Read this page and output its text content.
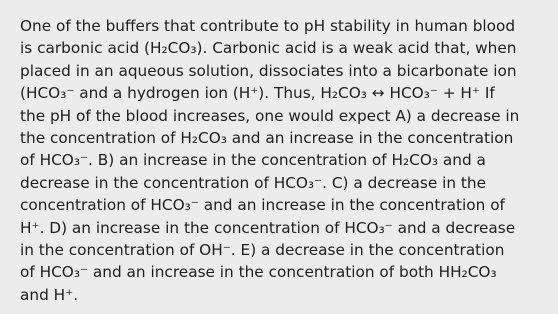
One of the buffers that contribute to pH stability in human blood
is carbonic acid (H₂CO₃). Carbonic acid is a weak acid that, when
placed in an aqueous solution, dissociates into a bicarbonate ion
(HCO₃⁻ and a hydrogen ion (H⁺). Thus, H₂CO₃ ↔ HCO₃⁻ + H⁺ If
the pH of the blood increases, one would expect A) a decrease in
the concentration of H₂CO₃ and an increase in the concentration
of HCO₃⁻. B) an increase in the concentration of H₂CO₃ and a
decrease in the concentration of HCO₃⁻. C) a decrease in the
concentration of HCO₃⁻ and an increase in the concentration of
H⁺. D) an increase in the concentration of HCO₃⁻ and a decrease
in the concentration of OH⁻. E) a decrease in the concentration
of HCO₃⁻ and an increase in the concentration of both HH₂CO₃
and H⁺.
